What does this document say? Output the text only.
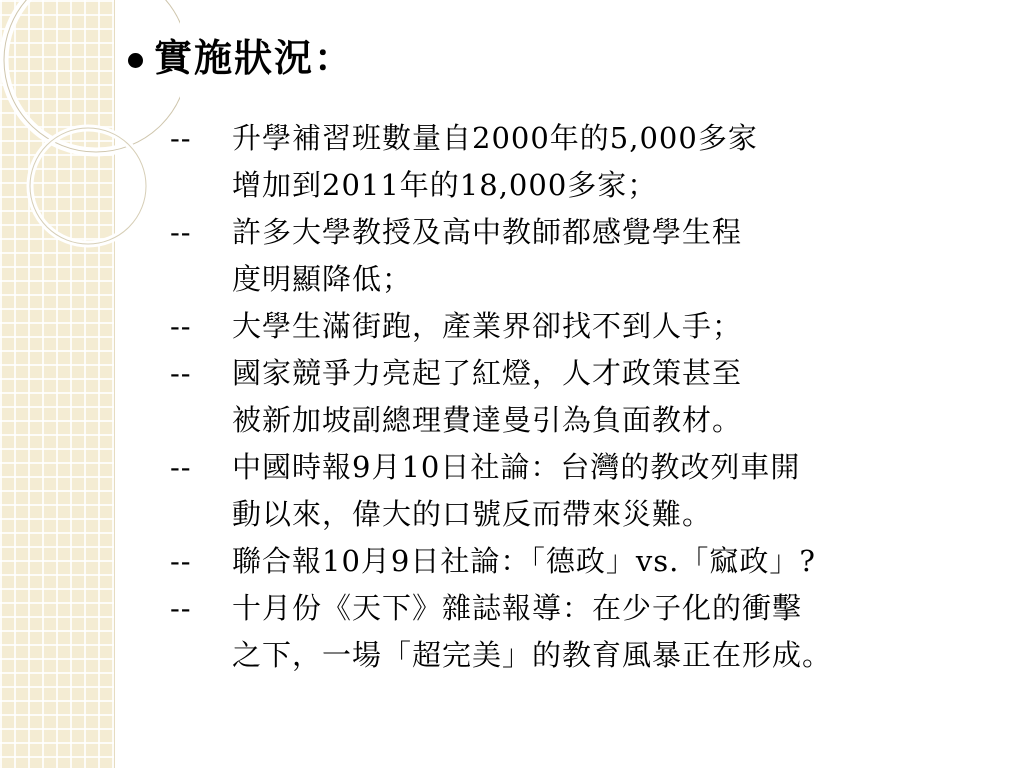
實施狀況：
-- 升學補習班數量自2000年的5,000多家
增加到2011年的18,000多家；
-- 許多大學教授及高中教師都感覺學生程
度明顯降低；
-- 大學生滿街跑，產業界卻找不到人手；
-- 國家競爭力亮起了紅燈，人才政策甚至
被新加坡副總理費達曼引為負面教材。
-- 中國時報9月10日社論：台灣的教改列車開
動以來，偉大的口號反而帶來災難。
-- 聯合報10月9日社論：「德政」vs.「窳政」?
-- 十月份《天下》雜誌報導：在少子化的衝擊
之下，一場「超完美」的教育風暴正在形成。
